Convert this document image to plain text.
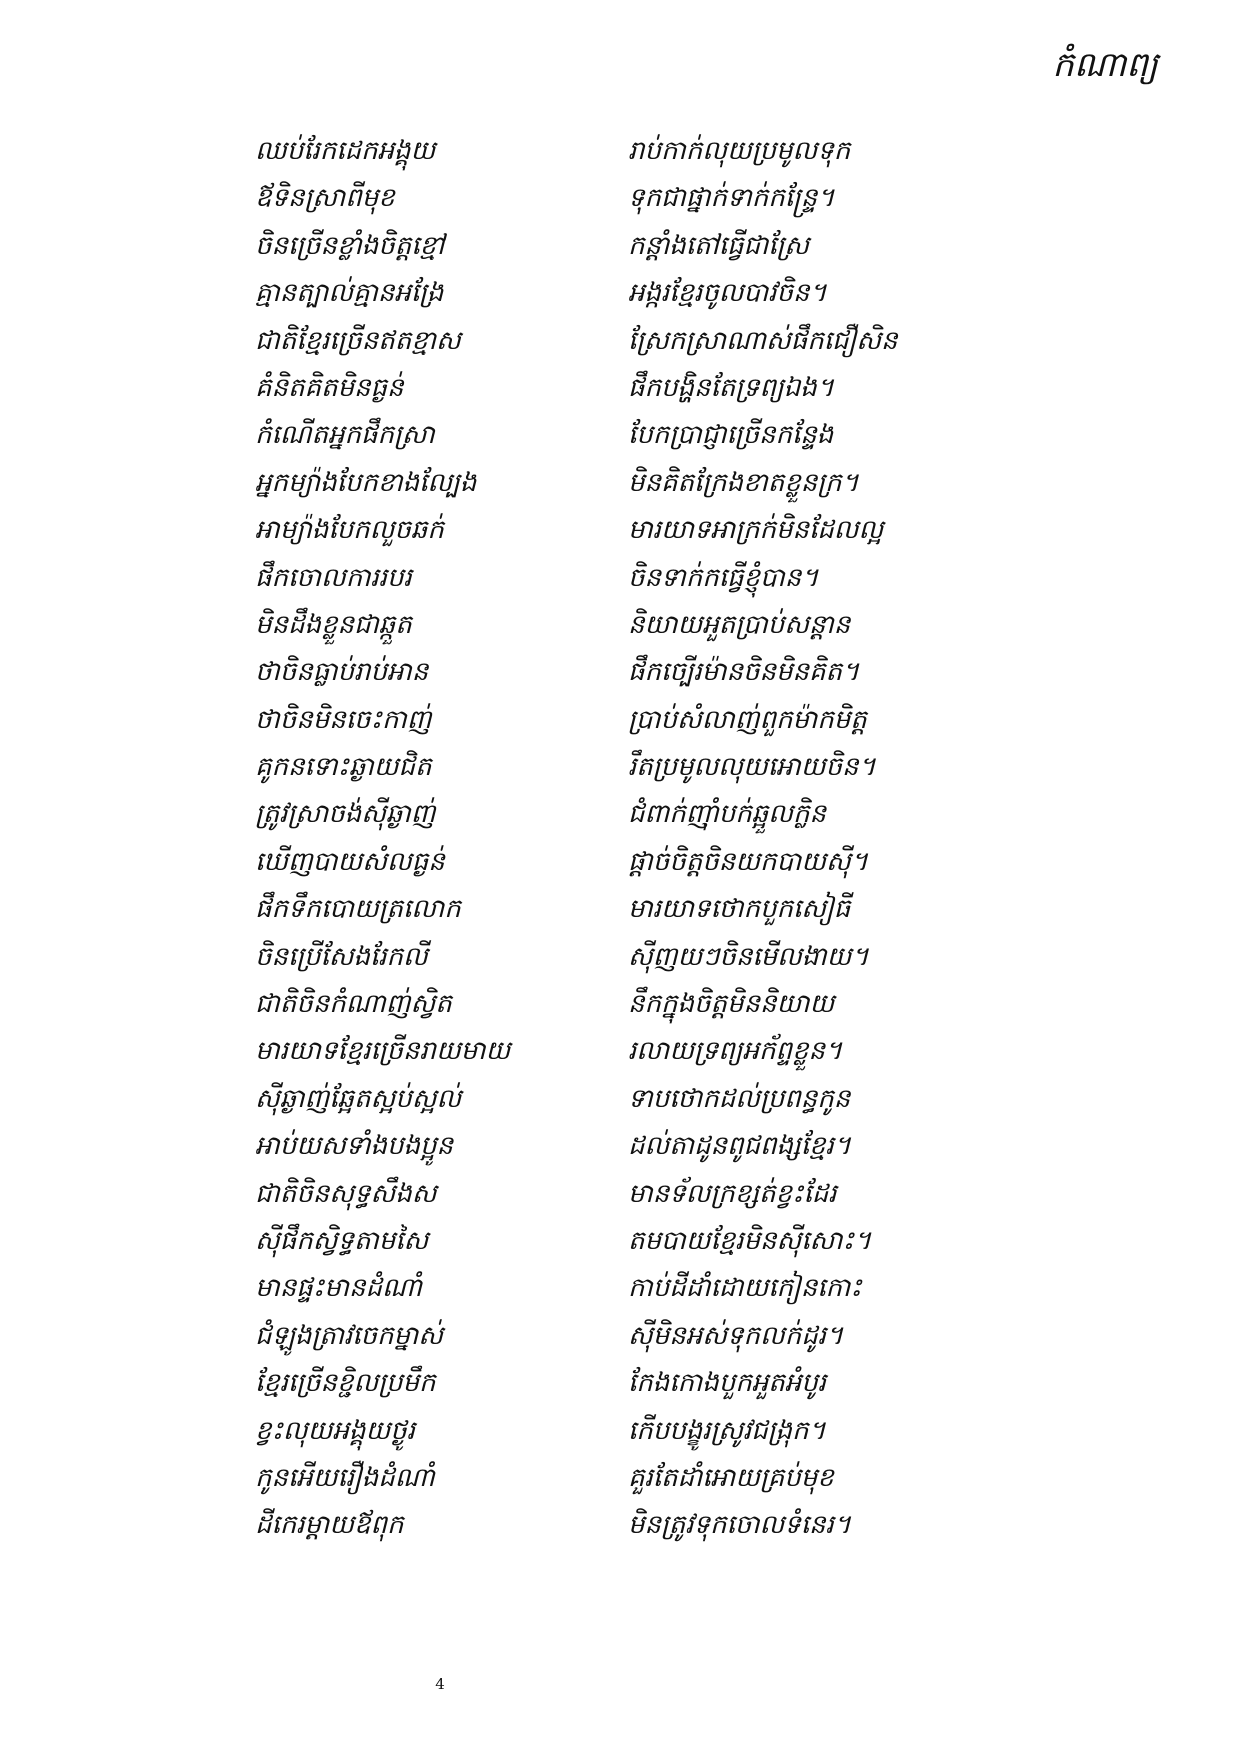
កំណាព្យ
ឈប់រែកដេកអង្គុយ	រាប់កាក់លុយប្រមូលទុក
ឪទិនស្រាពីមុខ	ទុកជាផ្នាក់ទាក់កន្ទ្រែ។
ចិនច្រើនខ្លាំងចិត្តខ្មៅ	កន្តាំងតៅធ្វើជាស្រែ
គ្មានត្បាល់គ្មានអង្រែ	អង្ករខ្មែរចូលបាវចិន។
ជាតិខ្មែរច្រើនឥតខ្មាស	ស្រែកស្រាណាស់ផឹកជឿសិន
គំនិតគិតមិនធ្ងន់	ផឹកបង្ហិនតែទ្រព្យឯង។
កំណើតអ្នកផឹកស្រា	បែកប្រាជ្ញាច្រើនកន្ទែង
អ្នកម្យ៉ាងបែកខាងល្បែង	មិនគិតក្រែងខាតខ្លួនក្រ។
អាម្យ៉ាងបែកលួចឆក់	មារយាទអាក្រក់មិនដែលល្អ
ផឹកចោលការរបរ	ចិនទាក់កធ្វើខ្ញុំបាន។
មិនដឹងខ្លួនជាឆ្កួត	និយាយអួតប្រាប់សន្តាន
ថាចិនធ្លាប់រាប់អាន	ផឹកច្បើរម៉ានចិនមិនគិត។
ថាចិនមិនចេះកាញ់	ប្រាប់សំលាញ់ពួកម៉ាកមិត្ត
គូកនទោះឆ្ងាយជិត	រឹតប្រមូលលុយអោយចិន។
ត្រូវស្រាចង់ស៊ីឆ្ងាញ់	ជំពាក់ញ៉ាំបក់ឆ្អួលក្លិន
ឃើញបាយសំលធ្ងន់	ផ្តាច់ចិត្តចិនយកបាយស៊ី។
ផឹកទឹកបោយត្រលោក	មារយាទថោកបួកសៀធី
ចិនប្រើសែងរែកលី	ស៊ីញយៗចិនមើលងាយ។
ជាតិចិនកំណាញ់ស្វិត	នឹកក្នុងចិត្តមិននិយាយ
មារយាទខ្មែរច្រើនរាយមាយ	រលាយទ្រព្យអក័ព្ទខ្លួន។
ស៊ីឆ្ងាញ់ឆ្អែតស្អប់ស្អល់	ទាបថោកដល់ប្រពន្ធកូន
អាប់យសទាំងបងប្អូន	ដល់តាដូនពូជពង្សខ្មែរ។
ជាតិចិនសុទ្ធសឹងស	មានទ័លក្រខ្សត់ខ្វះដែរ
ស៊ីផឹកស្វិទ្ធតាមសៃ	តមបាយខ្មែរមិនស៊ីសោះ។
មានផ្ទះមានដំណាំ	កាប់ដីដាំដោយកៀនកោះ
ជំឡូងត្រាវចេកម្នាស់	ស៊ីមិនអស់ទុកលក់ដូរ។
ខ្មែរច្រើនខ្ជិលប្រមឹក	កែងកោងបួកអួតអំបូរ
ខ្វះលុយអង្គុយថ្ងូរ	កើបបង្ខូរស្រូវជង្រុក។
កូនអើយរឿងដំណាំ	គួរតែដាំអោយគ្រប់មុខ
ដីកេរម្តាយឪពុក	មិនត្រូវទុកចោលទំនេរ។
4
